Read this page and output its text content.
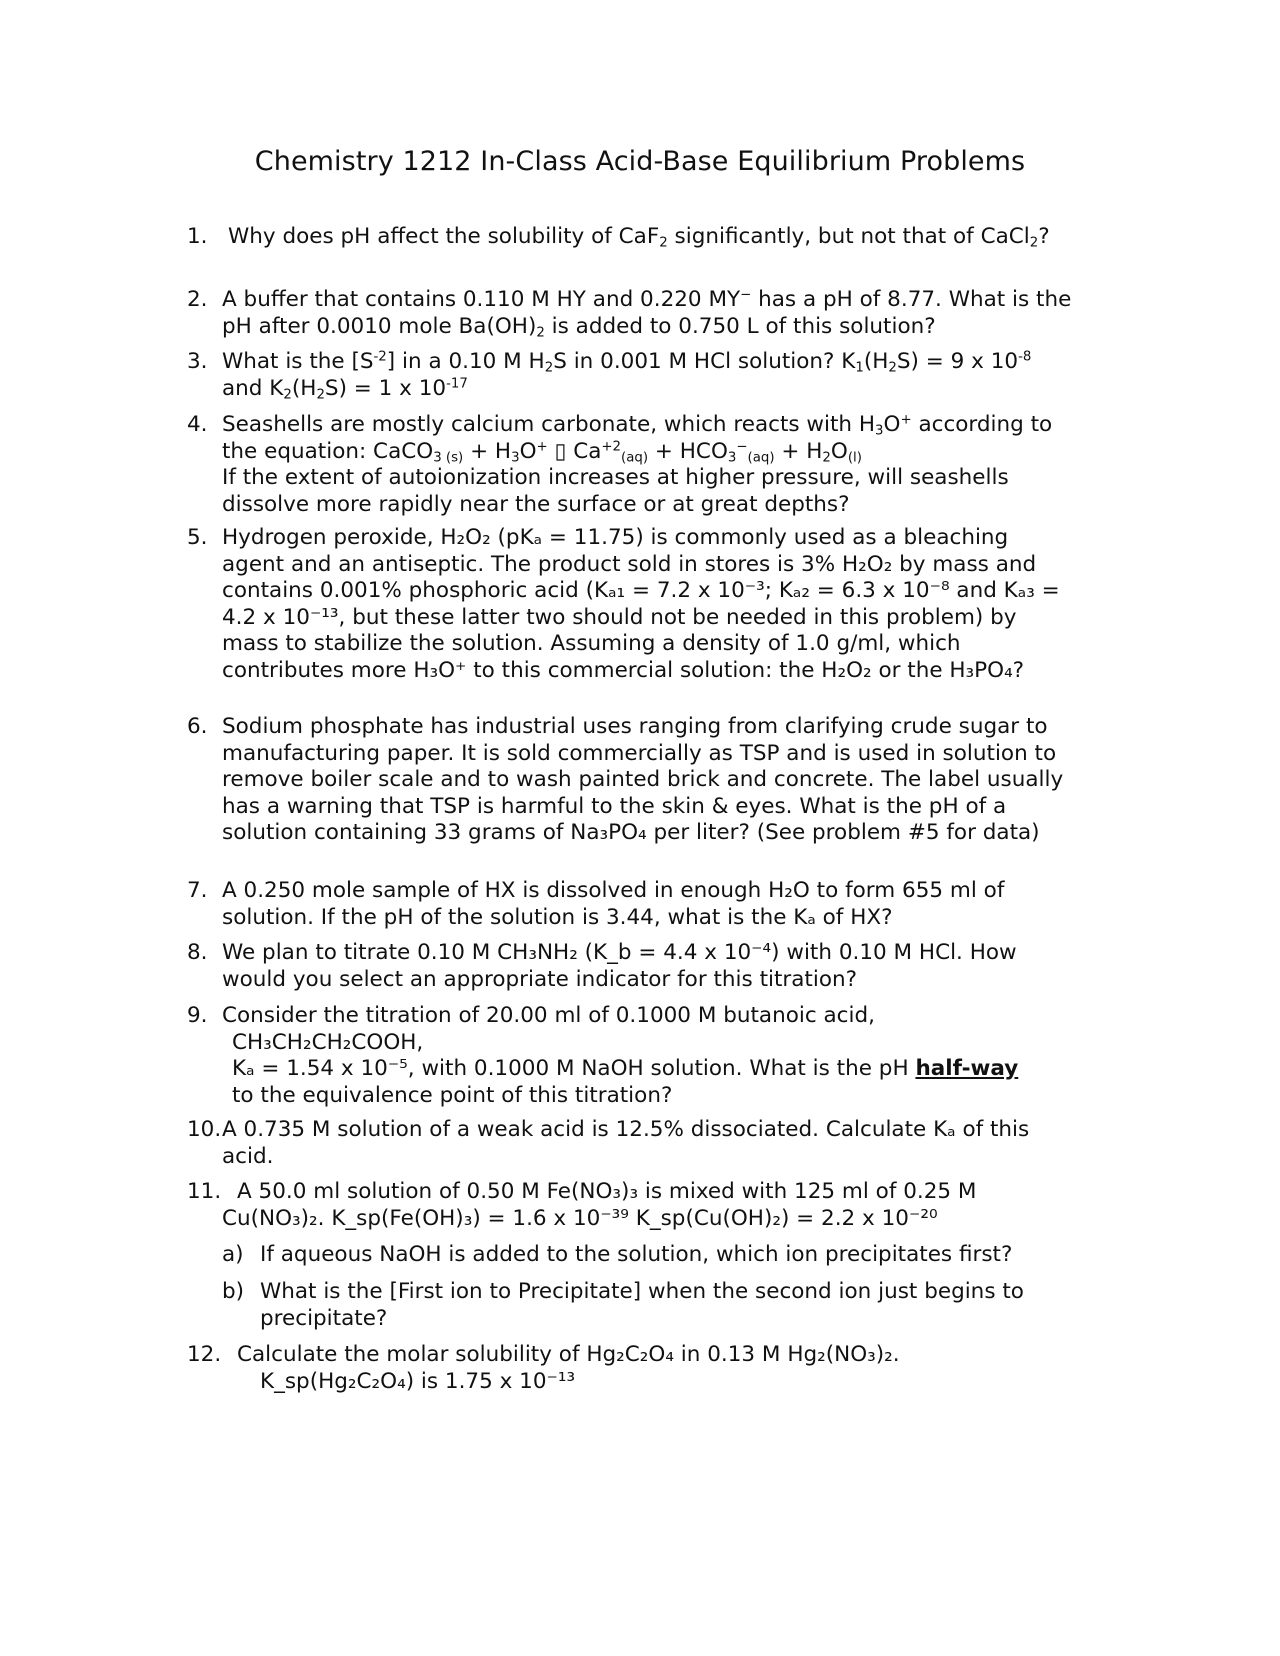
Chemistry 1212 In-Class Acid-Base Equilibrium Problems
1. Why does pH affect the solubility of CaF$_2$ significantly, but not that of CaCl$_2$?
2. A buffer that contains 0.110 M HY and 0.220 MY− has a pH of 8.77. What is the pH after 0.0010 mole $Ba(OH)_2$ is added to 0.750 L of this solution?
3. What is the $[S^{-2}]$ in a 0.10 M $H_2S$ in 0.001 M HCl solution? $K_1(H_2S) = 9$ x $10^{-8}$ and $K_2(H_2S) = 1$ x $10^{-17}$
4. Seashells are mostly calcium carbonate, which reacts with $H_3O^+$ according to the equation: CaCO$_{3 (s)}$ + $H_3O^+$ ▯ $Ca^{+2}_{(aq)} + HCO_3^-_{(aq)} + H_2O_{(l)}$
If the extent of autoionization increases at higher pressure, will seashells dissolve more rapidly near the surface or at great depths?
5. Hydrogen peroxide, H₂O₂ (pKₐ = 11.75) is commonly used as a bleaching agent and an antiseptic. The product sold in stores is 3% H₂O₂ by mass and contains 0.001% phosphoric acid (Kₐ₁ = 7.2 x 10⁻³; Kₐ₂ = 6.3 x 10⁻⁸ and Kₐ₃ = 4.2 x 10⁻¹³, but these latter two should not be needed in this problem) by mass to stabilize the solution. Assuming a density of 1.0 g/ml, which contributes more H₃O⁺ to this commercial solution: the H₂O₂ or the H₃PO₄?
6. Sodium phosphate has industrial uses ranging from clarifying crude sugar to manufacturing paper. It is sold commercially as TSP and is used in solution to remove boiler scale and to wash painted brick and concrete. The label usually has a warning that TSP is harmful to the skin & eyes. What is the pH of a solution containing 33 grams of Na₃PO₄ per liter? (See problem #5 for data)
7. A 0.250 mole sample of HX is dissolved in enough H₂O to form 655 ml of solution. If the pH of the solution is 3.44, what is the Kₐ of HX?
8. We plan to titrate 0.10 M CH₃NH₂ (K_b = 4.4 x 10⁻⁴) with 0.10 M HCl. How would you select an appropriate indicator for this titration?
9. Consider the titration of 20.00 ml of 0.1000 M butanoic acid,
CH₃CH₂CH₂COOH,
Kₐ = 1.54 x 10⁻⁵, with 0.1000 M NaOH solution. What is the pH half-way
to the equivalence point of this titration?
10. A 0.735 M solution of a weak acid is 12.5% dissociated. Calculate Kₐ of this acid.
11. A 50.0 ml solution of 0.50 M Fe(NO₃)₃ is mixed with 125 ml of 0.25 M
Cu(NO₃)₂. K_sp(Fe(OH)₃) = 1.6 x 10⁻³⁹ K_sp(Cu(OH)₂) = 2.2 x 10⁻²⁰
a) If aqueous NaOH is added to the solution, which ion precipitates first?
b) What is the [First ion to Precipitate] when the second ion just begins to precipitate?
12. Calculate the molar solubility of Hg₂C₂O₄ in 0.13 M Hg₂(NO₃)₂.
K_sp(Hg₂C₂O₄) is 1.75 x 10⁻¹³
